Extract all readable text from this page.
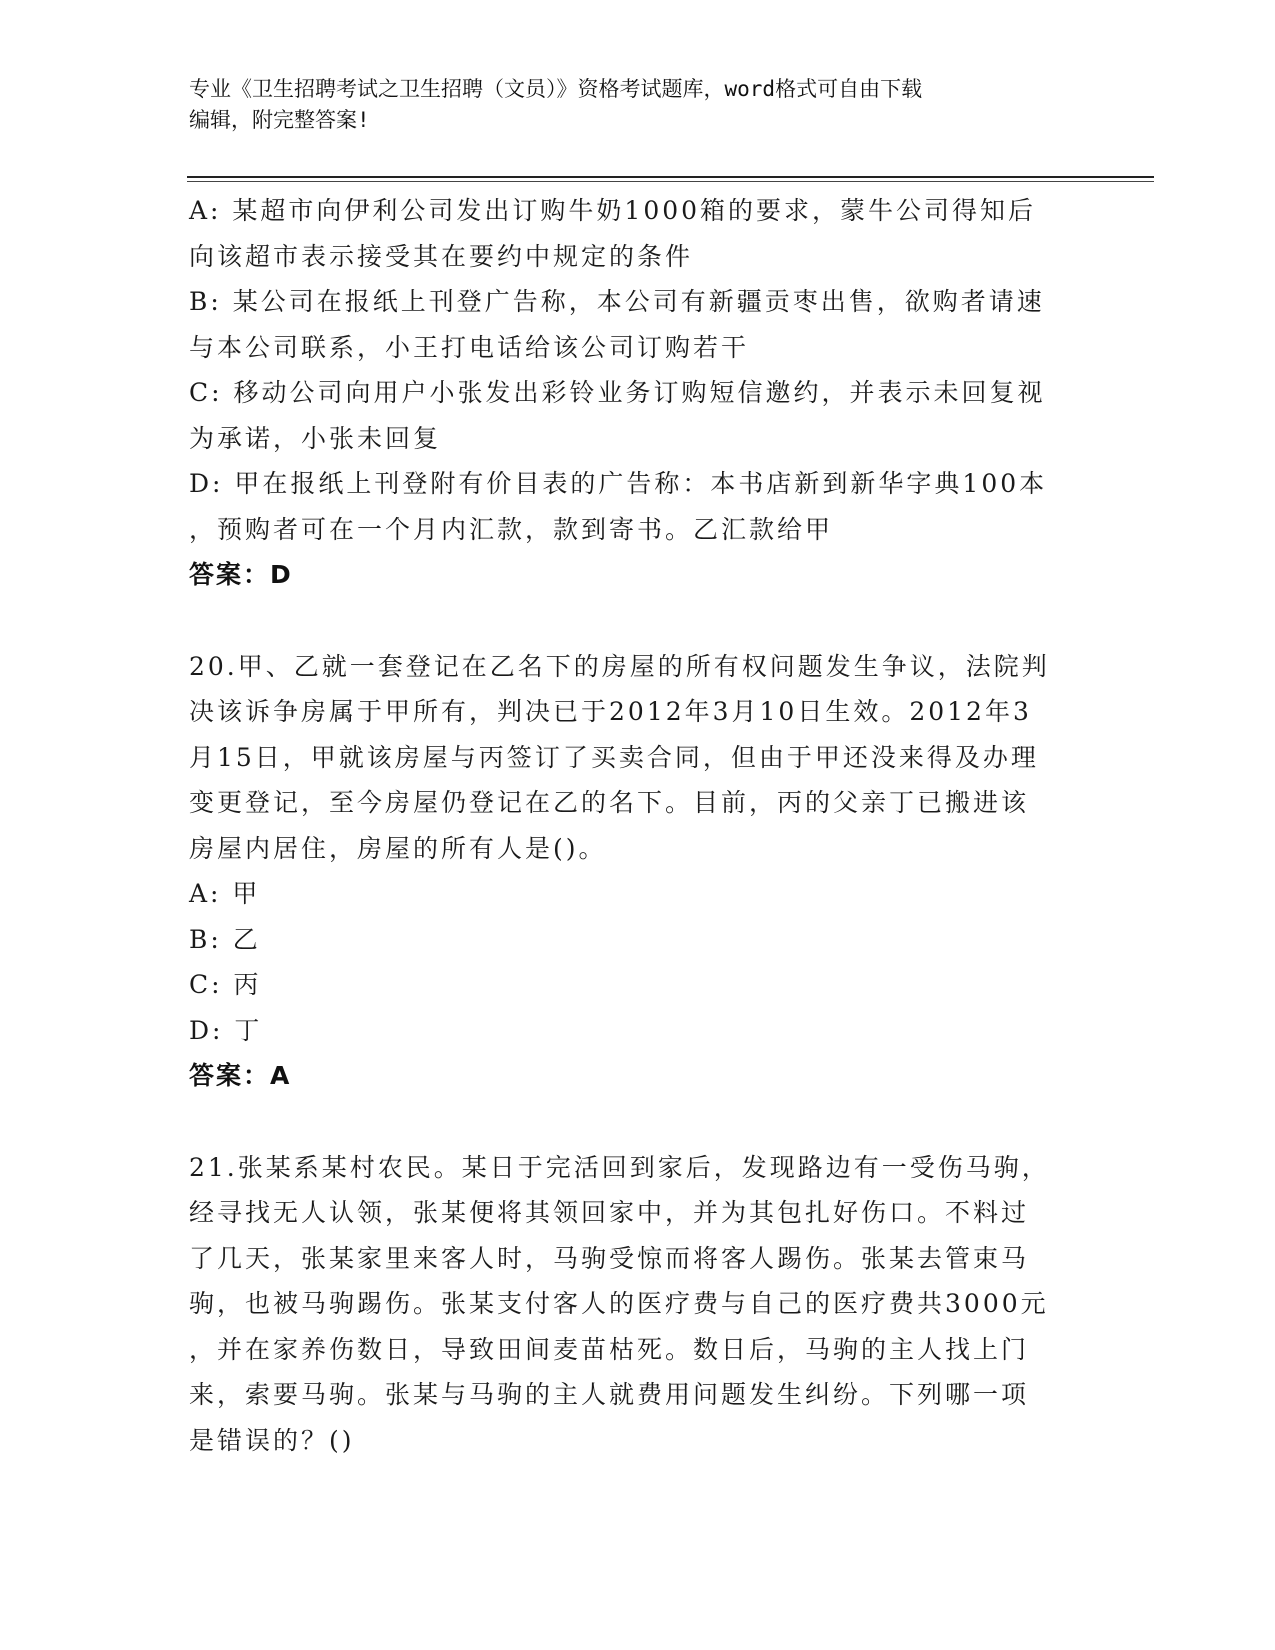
专业《卫生招聘考试之卫生招聘（文员）》资格考试题库，word格式可自由下载
编辑，附完整答案!

A: 某超市向伊利公司发出订购牛奶1000箱的要求，蒙牛公司得知后

向该超市表示接受其在要约中规定的条件

B: 某公司在报纸上刊登广告称，本公司有新疆贡枣出售，欲购者请速

与本公司联系，小王打电话给该公司订购若干

C: 移动公司向用户小张发出彩铃业务订购短信邀约，并表示未回复视

为承诺，小张未回复

D: 甲在报纸上刊登附有价目表的广告称：本书店新到新华字典100本

，预购者可在一个月内汇款，款到寄书。乙汇款给甲

答案：D

20.甲、乙就一套登记在乙名下的房屋的所有权问题发生争议，法院判

决该诉争房属于甲所有，判决已于2012年3月10日生效。2012年3

月15日，甲就该房屋与丙签订了买卖合同，但由于甲还没来得及办理

变更登记，至今房屋仍登记在乙的名下。目前，丙的父亲丁已搬进该

房屋内居住，房屋的所有人是()。

A: 甲

B: 乙

C: 丙

D: 丁

答案：A

21.张某系某村农民。某日于完活回到家后，发现路边有一受伤马驹，

经寻找无人认领，张某便将其领回家中，并为其包扎好伤口。不料过

了几天，张某家里来客人时，马驹受惊而将客人踢伤。张某去管束马

驹，也被马驹踢伤。张某支付客人的医疗费与自己的医疗费共3000元

，并在家养伤数日，导致田间麦苗枯死。数日后，马驹的主人找上门

来，索要马驹。张某与马驹的主人就费用问题发生纠纷。下列哪一项

是错误的？()
